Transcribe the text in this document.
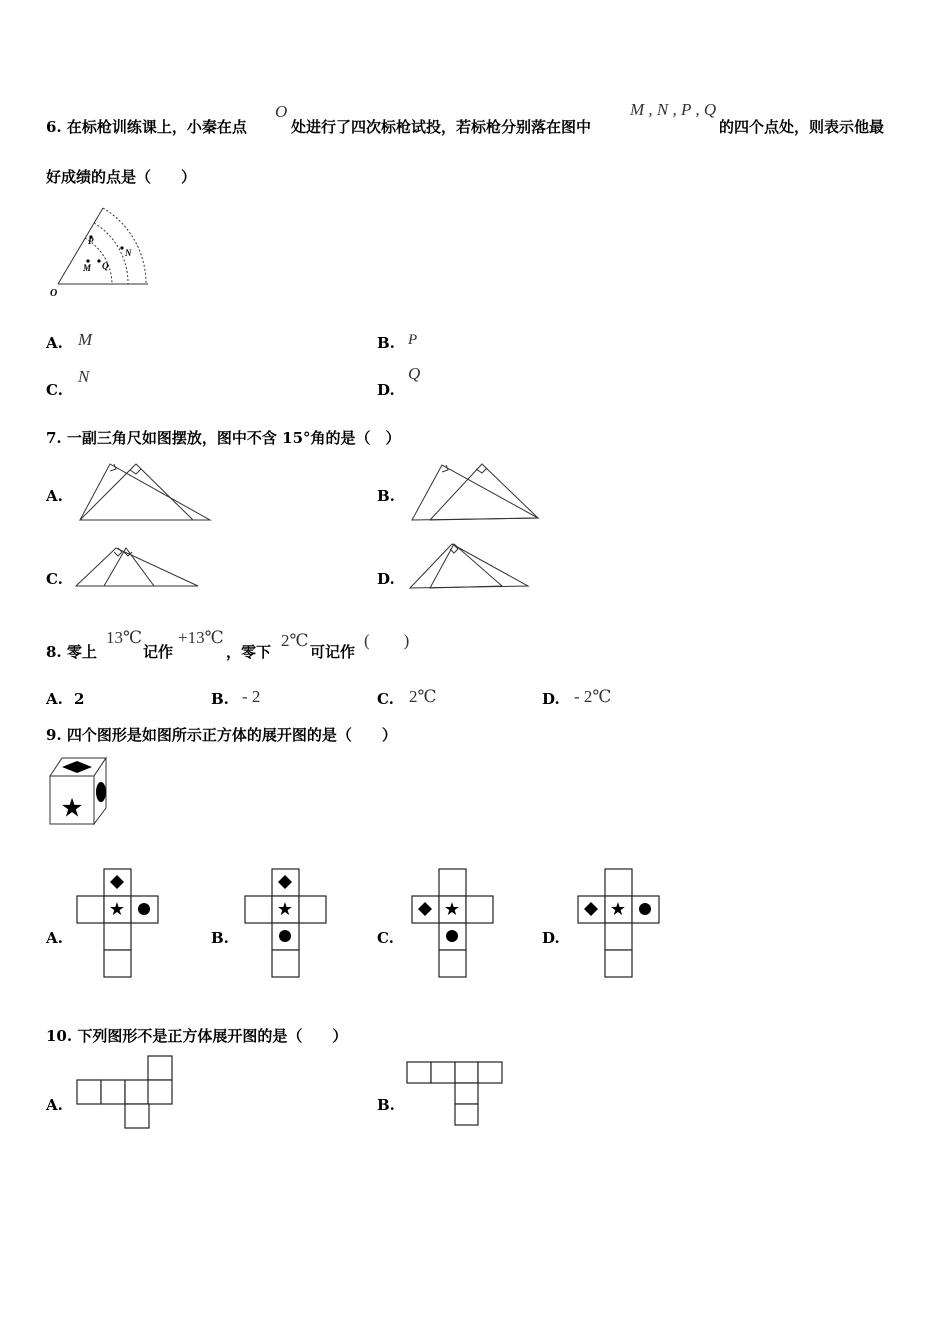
6. 在标枪训练课上，小秦在点
O
处进行了四次标枪试投，若标枪分别落在图中
M , N , P , Q
的四个点处，则表示他最
好成绩的点是（　　）
P
N
M Q
O
A. M	B. P
C.
N
D.
Q
7. 一副三角尺如图摆放，图中不含 15°角的是（　）
A.	B.
C.	D.
8. 零上
13℃
记作
+13℃
，零下
2℃
可记作
(　　)
A. 2	B. - 2	C. 2℃	D. - 2℃
9. 四个图形是如图所示正方体的展开图的是（　　）
★
A.
★
B.
★
C.
★
D.
★
10. 下列图形不是正方体展开图的是（　　）
A.	B.
